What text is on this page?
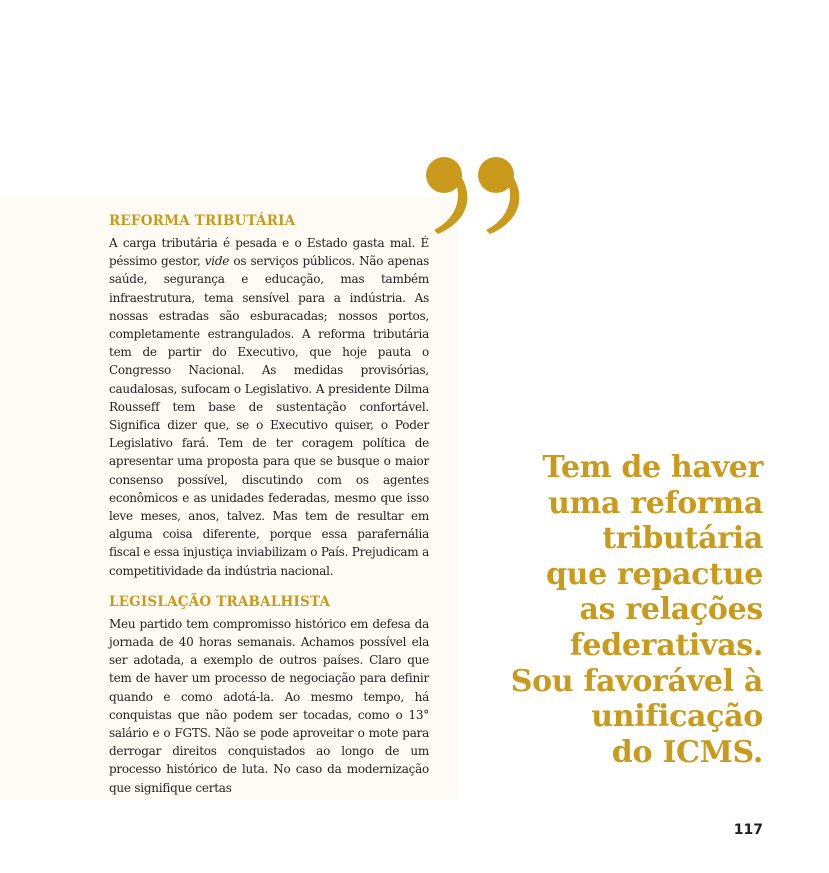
REFORMA TRIBUTÁRIA

A carga tributária é pesada e o Estado gasta mal. É péssimo gestor, vide os serviços públicos. Não apenas saúde, segurança e educação, mas também infraestrutura, tema sensível para a indústria. As nossas estradas são esburacadas; nossos portos, completamente estrangulados. A reforma tributária tem de partir do Executivo, que hoje pauta o Congresso Nacional. As medidas provisórias, caudalosas, sufocam o Legislativo. A presidente Dilma Rousseff tem base de sustentação confortável. Significa dizer que, se o Executivo quiser, o Poder Legislativo fará. Tem de ter coragem política de apresentar uma proposta para que se busque o maior consenso possível, discutindo com os agentes econômicos e as unidades federadas, mesmo que isso leve meses, anos, talvez. Mas tem de resultar em alguma coisa diferente, porque essa parafernália fiscal e essa injustiça inviabilizam o País. Prejudicam a competitividade da indústria nacional.

LEGISLAÇÃO TRABALHISTA

Meu partido tem compromisso histórico em defesa da jornada de 40 horas semanais. Achamos possível ela ser adotada, a exemplo de outros países. Claro que tem de haver um processo de negociação para definir quando e como adotá-la. Ao mesmo tempo, há conquistas que não podem ser tocadas, como o 13° salário e o FGTS. Não se pode aproveitar o mote para derrogar direitos conquistados ao longo de um processo histórico de luta. No caso da modernização que signifique certas

Tem de haver
uma reforma
tributária
que repactue
as relações
federativas.
Sou favorável à
unificação
do ICMS.
117
